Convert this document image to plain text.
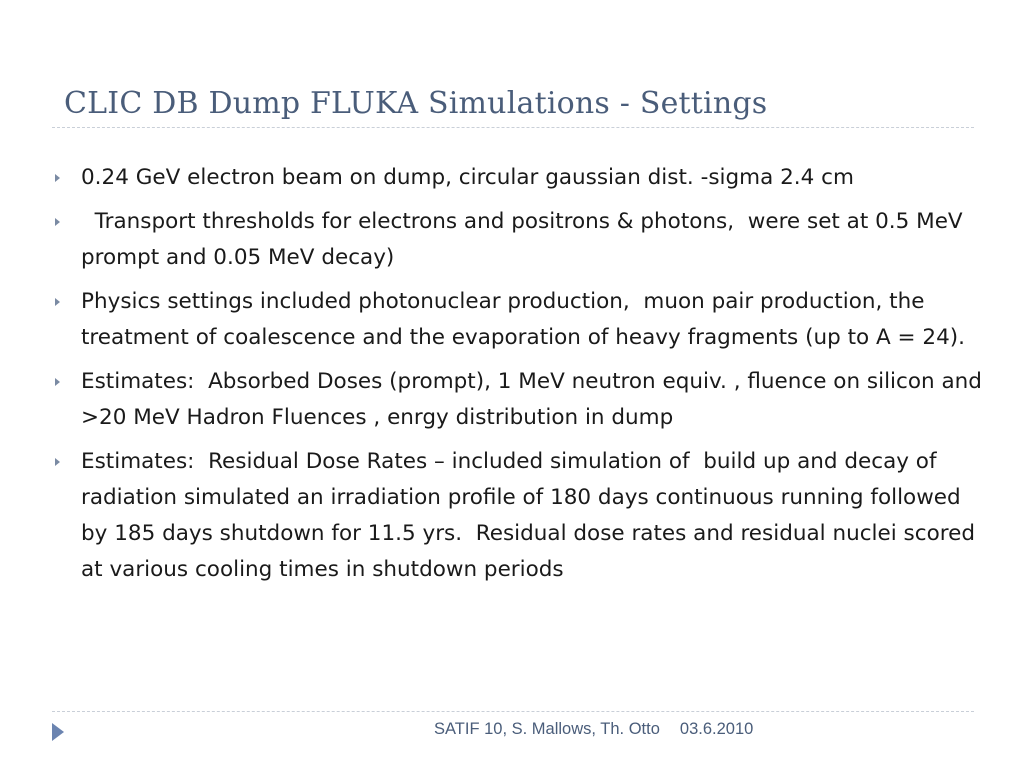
CLIC DB Dump FLUKA Simulations - Settings
0.24 GeV electron beam on dump, circular gaussian dist. -sigma 2.4 cm
Transport thresholds for electrons and positrons & photons,  were set at 0.5 MeV prompt and 0.05 MeV decay)
Physics settings included photonuclear production,  muon pair production, the treatment of coalescence and the evaporation of heavy fragments (up to A = 24).
Estimates:  Absorbed Doses (prompt), 1 MeV neutron equiv. , fluence on silicon and >20 MeV Hadron Fluences , enrgy distribution in dump
Estimates:  Residual Dose Rates – included simulation of  build up and decay of radiation simulated an irradiation profile of 180 days continuous running followed by 185 days shutdown for 11.5 yrs.  Residual dose rates and residual nuclei scored at various cooling times in shutdown periods
SATIF 10, S. Mallows, Th. Otto 03.6.2010
